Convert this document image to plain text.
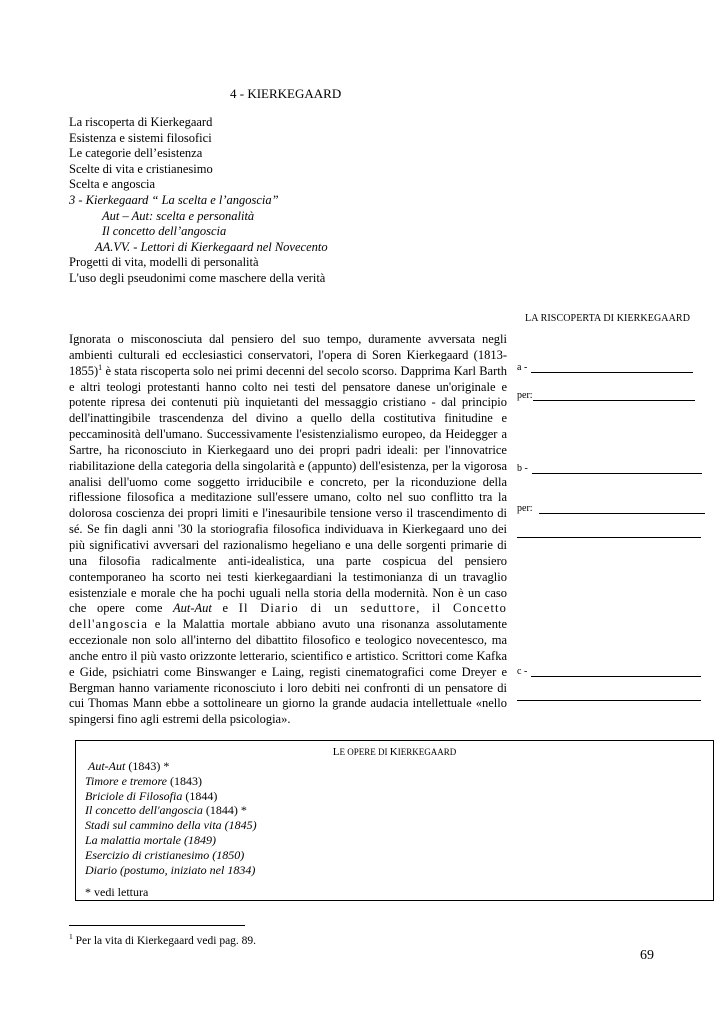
4 - KIERKEGAARD
La riscoperta di Kierkegaard
Esistenza e sistemi filosofici
Le categorie dell’esistenza
Scelte di vita e cristianesimo
Scelta e angoscia
3 - Kierkegaard “ La scelta e l’angoscia”
Aut – Aut: scelta e personalità
Il concetto dell’angoscia
AA.VV. - Lettori di Kierkegaard nel Novecento
Progetti di vita, modelli di personalità
L'uso degli pseudonimi come maschere della verità
LA RISCOPERTA DI KIERKEGAARD
Ignorata o misconosciuta dal pensiero del suo tempo, duramente avversata negli ambienti culturali ed ecclesiastici conservatori, l'opera di Soren Kierkegaard (1813-1855)$^1$ è stata riscoperta solo nei primi decenni del secolo scorso. Dapprima Karl Barth e altri teologi protestanti hanno colto nei testi del pensatore danese un'originale e potente ripresa dei contenuti più inquietanti del messaggio cristiano - dal principio dell'inattingibile trascendenza del divino a quello della costitutiva finitudine e peccaminosità dell'umano. Successivamente l'esistenzialismo europeo, da Heidegger a Sartre, ha riconosciuto in Kierkegaard uno dei propri padri ideali: per l'innovatrice riabilitazione della categoria della singolarità e (appunto) dell'esistenza, per la vigorosa analisi dell'uomo come soggetto irriducibile e concreto, per la riconduzione della riflessione filosofica a meditazione sull'essere umano, colto nel suo conflitto tra la dolorosa coscienza dei propri limiti e l'inesauribile tensione verso il trascendimento di sé. Se fin dagli anni '30 la storiografia filosofica individuava in Kierkegaard uno dei più significativi avversari del razionalismo hegeliano e una delle sorgenti primarie di una filosofia radicalmente anti-idealistica, una parte cospicua del pensiero contemporaneo ha scorto nei testi kierkegaardiani la testimonianza di un travaglio esistenziale e morale che ha pochi uguali nella storia della modernità. Non è un caso che opere come Aut-Aut e Il Diario di un seduttore, il Concetto dell'angoscia e la Malattia mortale abbiano avuto una risonanza assolutamente eccezionale non solo all'interno del dibattito filosofico e teologico novecentesco, ma anche entro il più vasto orizzonte letterario, scientifico e artistico. Scrittori come Kafka e Gide, psichiatri come Binswanger e Laing, registi cinematografici come Dreyer e Bergman hanno variamente riconosciuto i loro debiti nei confronti di un pensatore di cui Thomas Mann ebbe a sottolineare un giorno la grande audacia intellettuale «nello spingersi fino agli estremi della psicologia».
a -
per:
b -
per:
c -
LE OPERE DI KIERKEGAARD
Aut-Aut (1843) *
Timore e tremore (1843)
Briciole di Filosofia (1844)
Il concetto dell'angoscia (1844) *
Stadi sul cammino della vita (1845)
La malattia mortale (1849)
Esercizio di cristianesimo (1850)
Diario (postumo, iniziato nel 1834)
* vedi lettura
$^1$ Per la vita di Kierkegaard vedi pag. 89.
69
